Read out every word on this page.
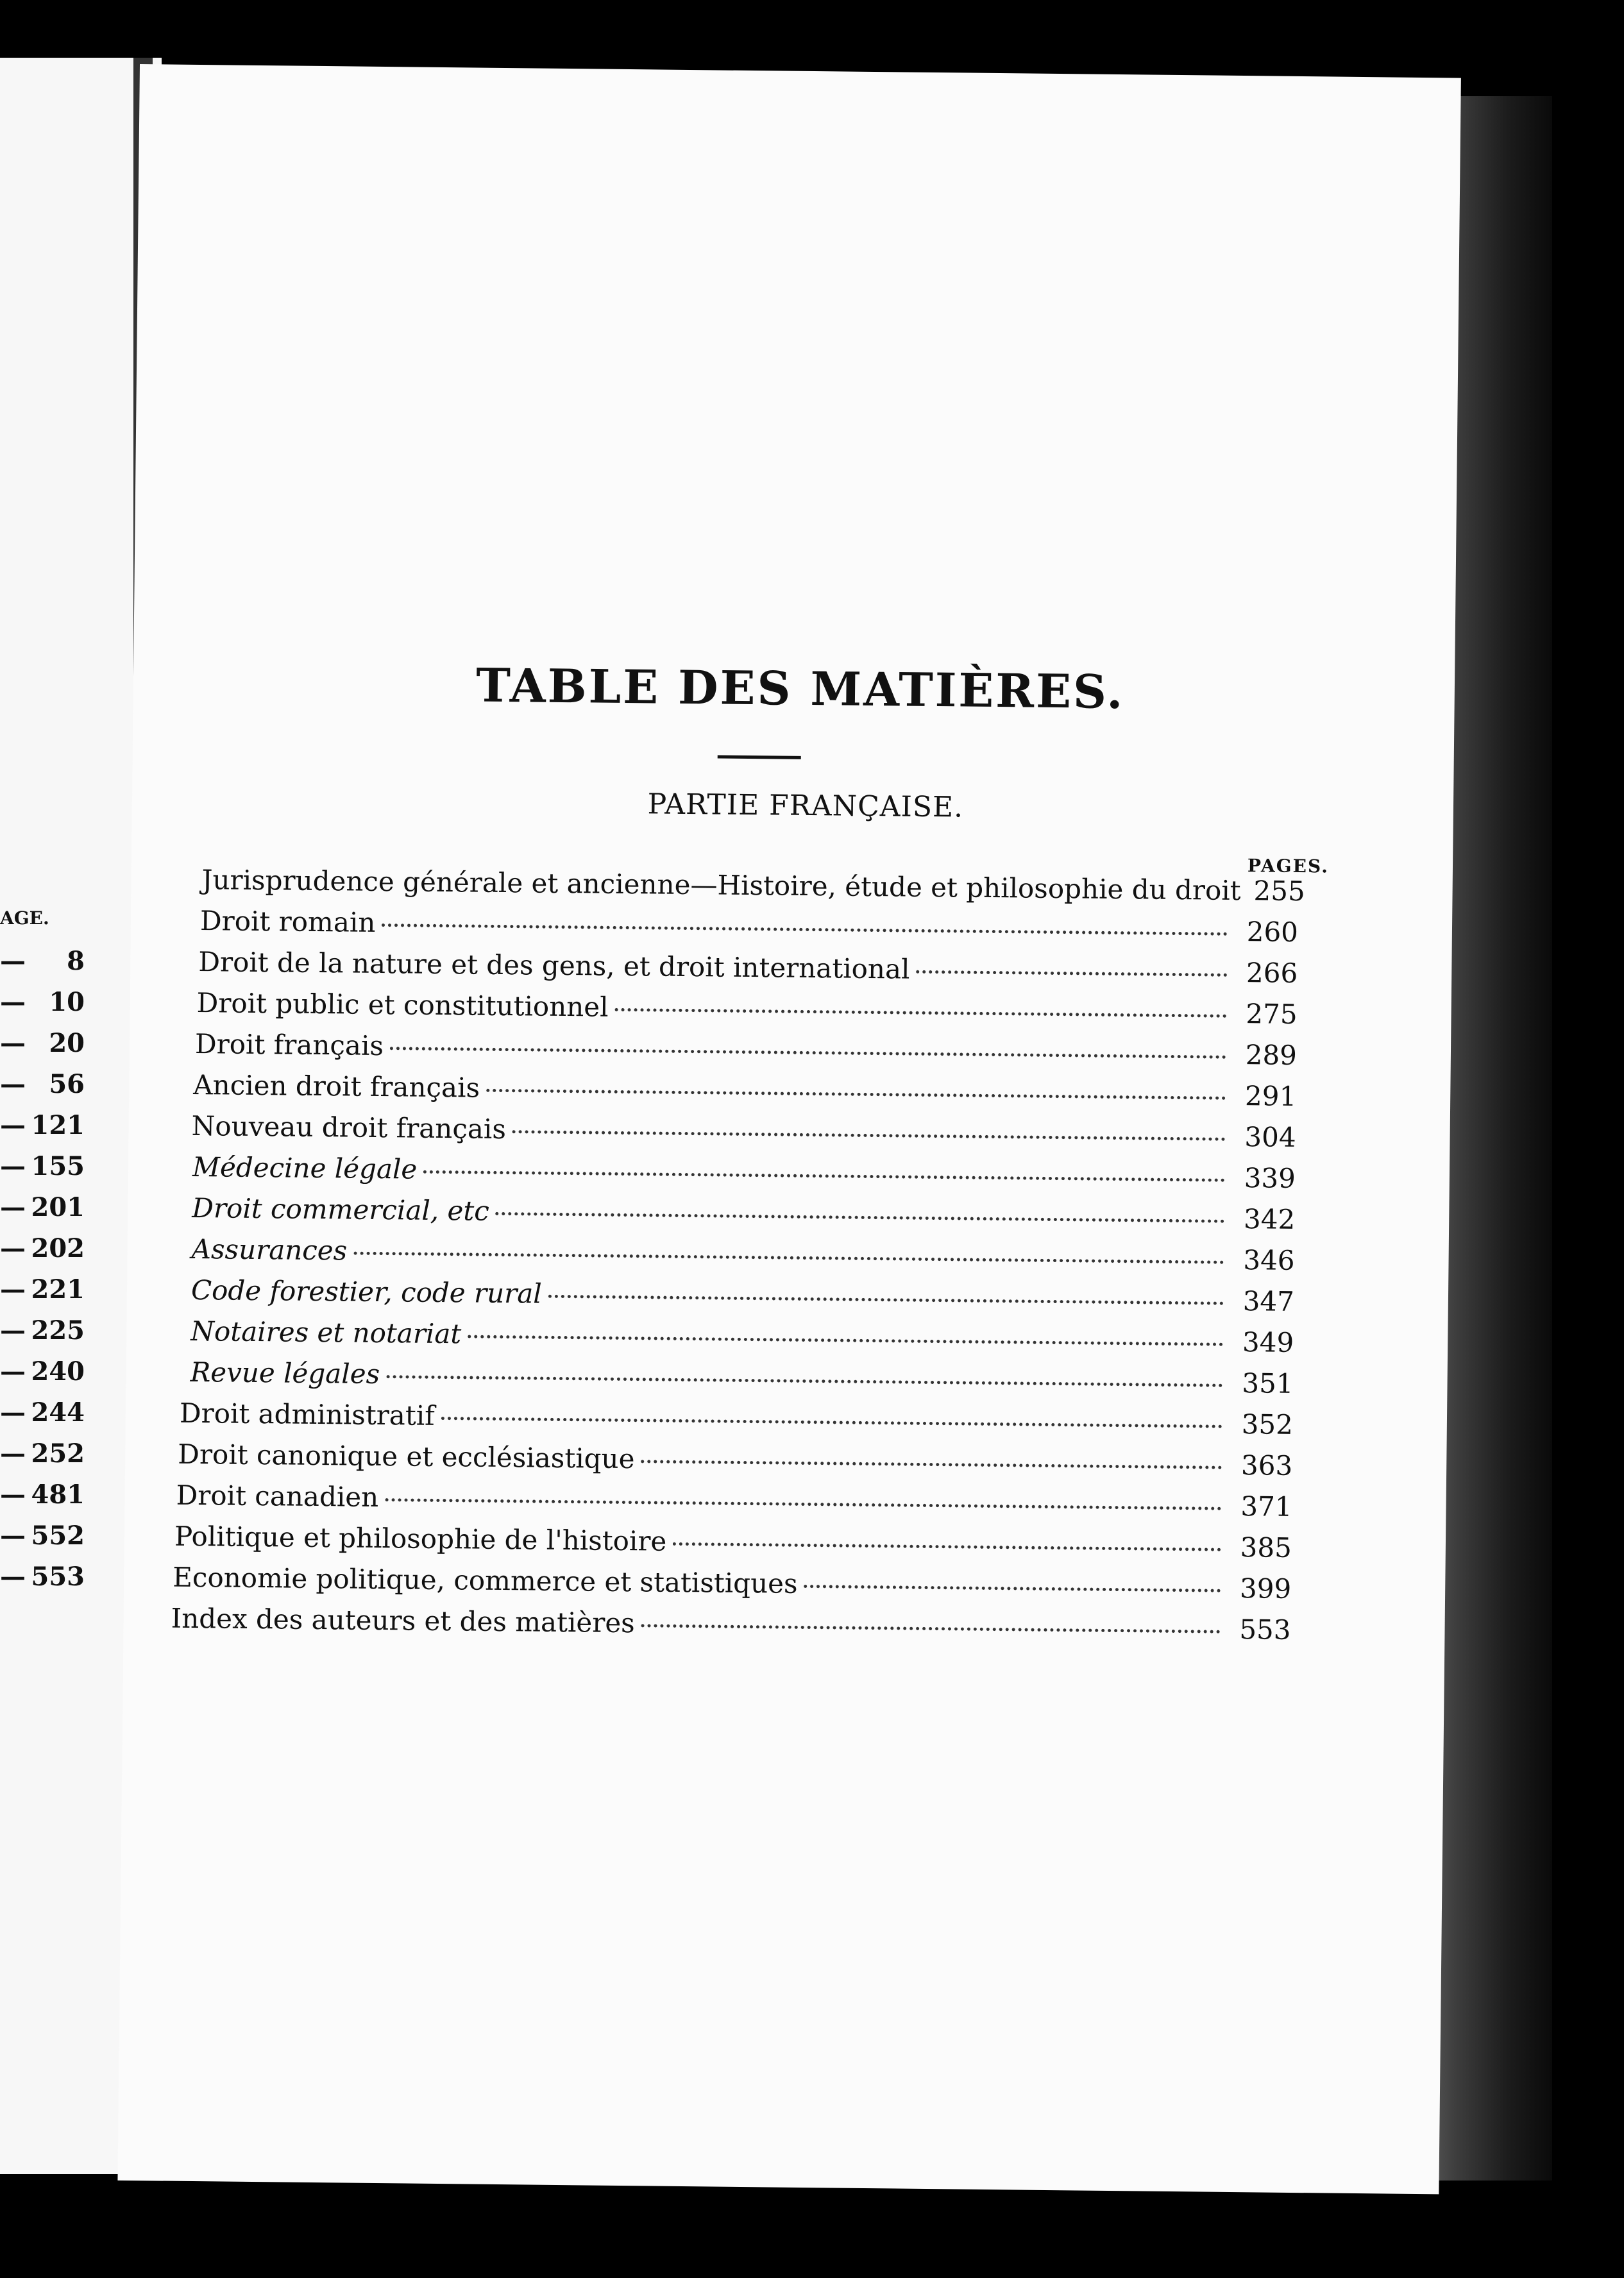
AGE.
— 8
— 10
— 20
— 56
— 121
— 155
— 201
— 202
— 221
— 225
— 240
— 244
— 252
— 481
— 552
— 553
TABLE DES MATIÈRES.
PARTIE FRANÇAISE.
PAGES.
Jurisprudence générale et ancienne—Histoire, étude et philosophie du droit 255
Droit romain	260
Droit de la nature et des gens, et droit international	266
Droit public et constitutionnel	275
Droit français	289
Ancien droit français	291
Nouveau droit français	304
Médecine légale	339
Droit commercial, etc	342
Assurances	346
Code forestier, code rural	347
Notaires et notariat	349
Revue légales	351
Droit administratif	352
Droit canonique et ecclésiastique	363
Droit canadien	371
Politique et philosophie de l'histoire	385
Economie politique, commerce et statistiques	399
Index des auteurs et des matières	553
